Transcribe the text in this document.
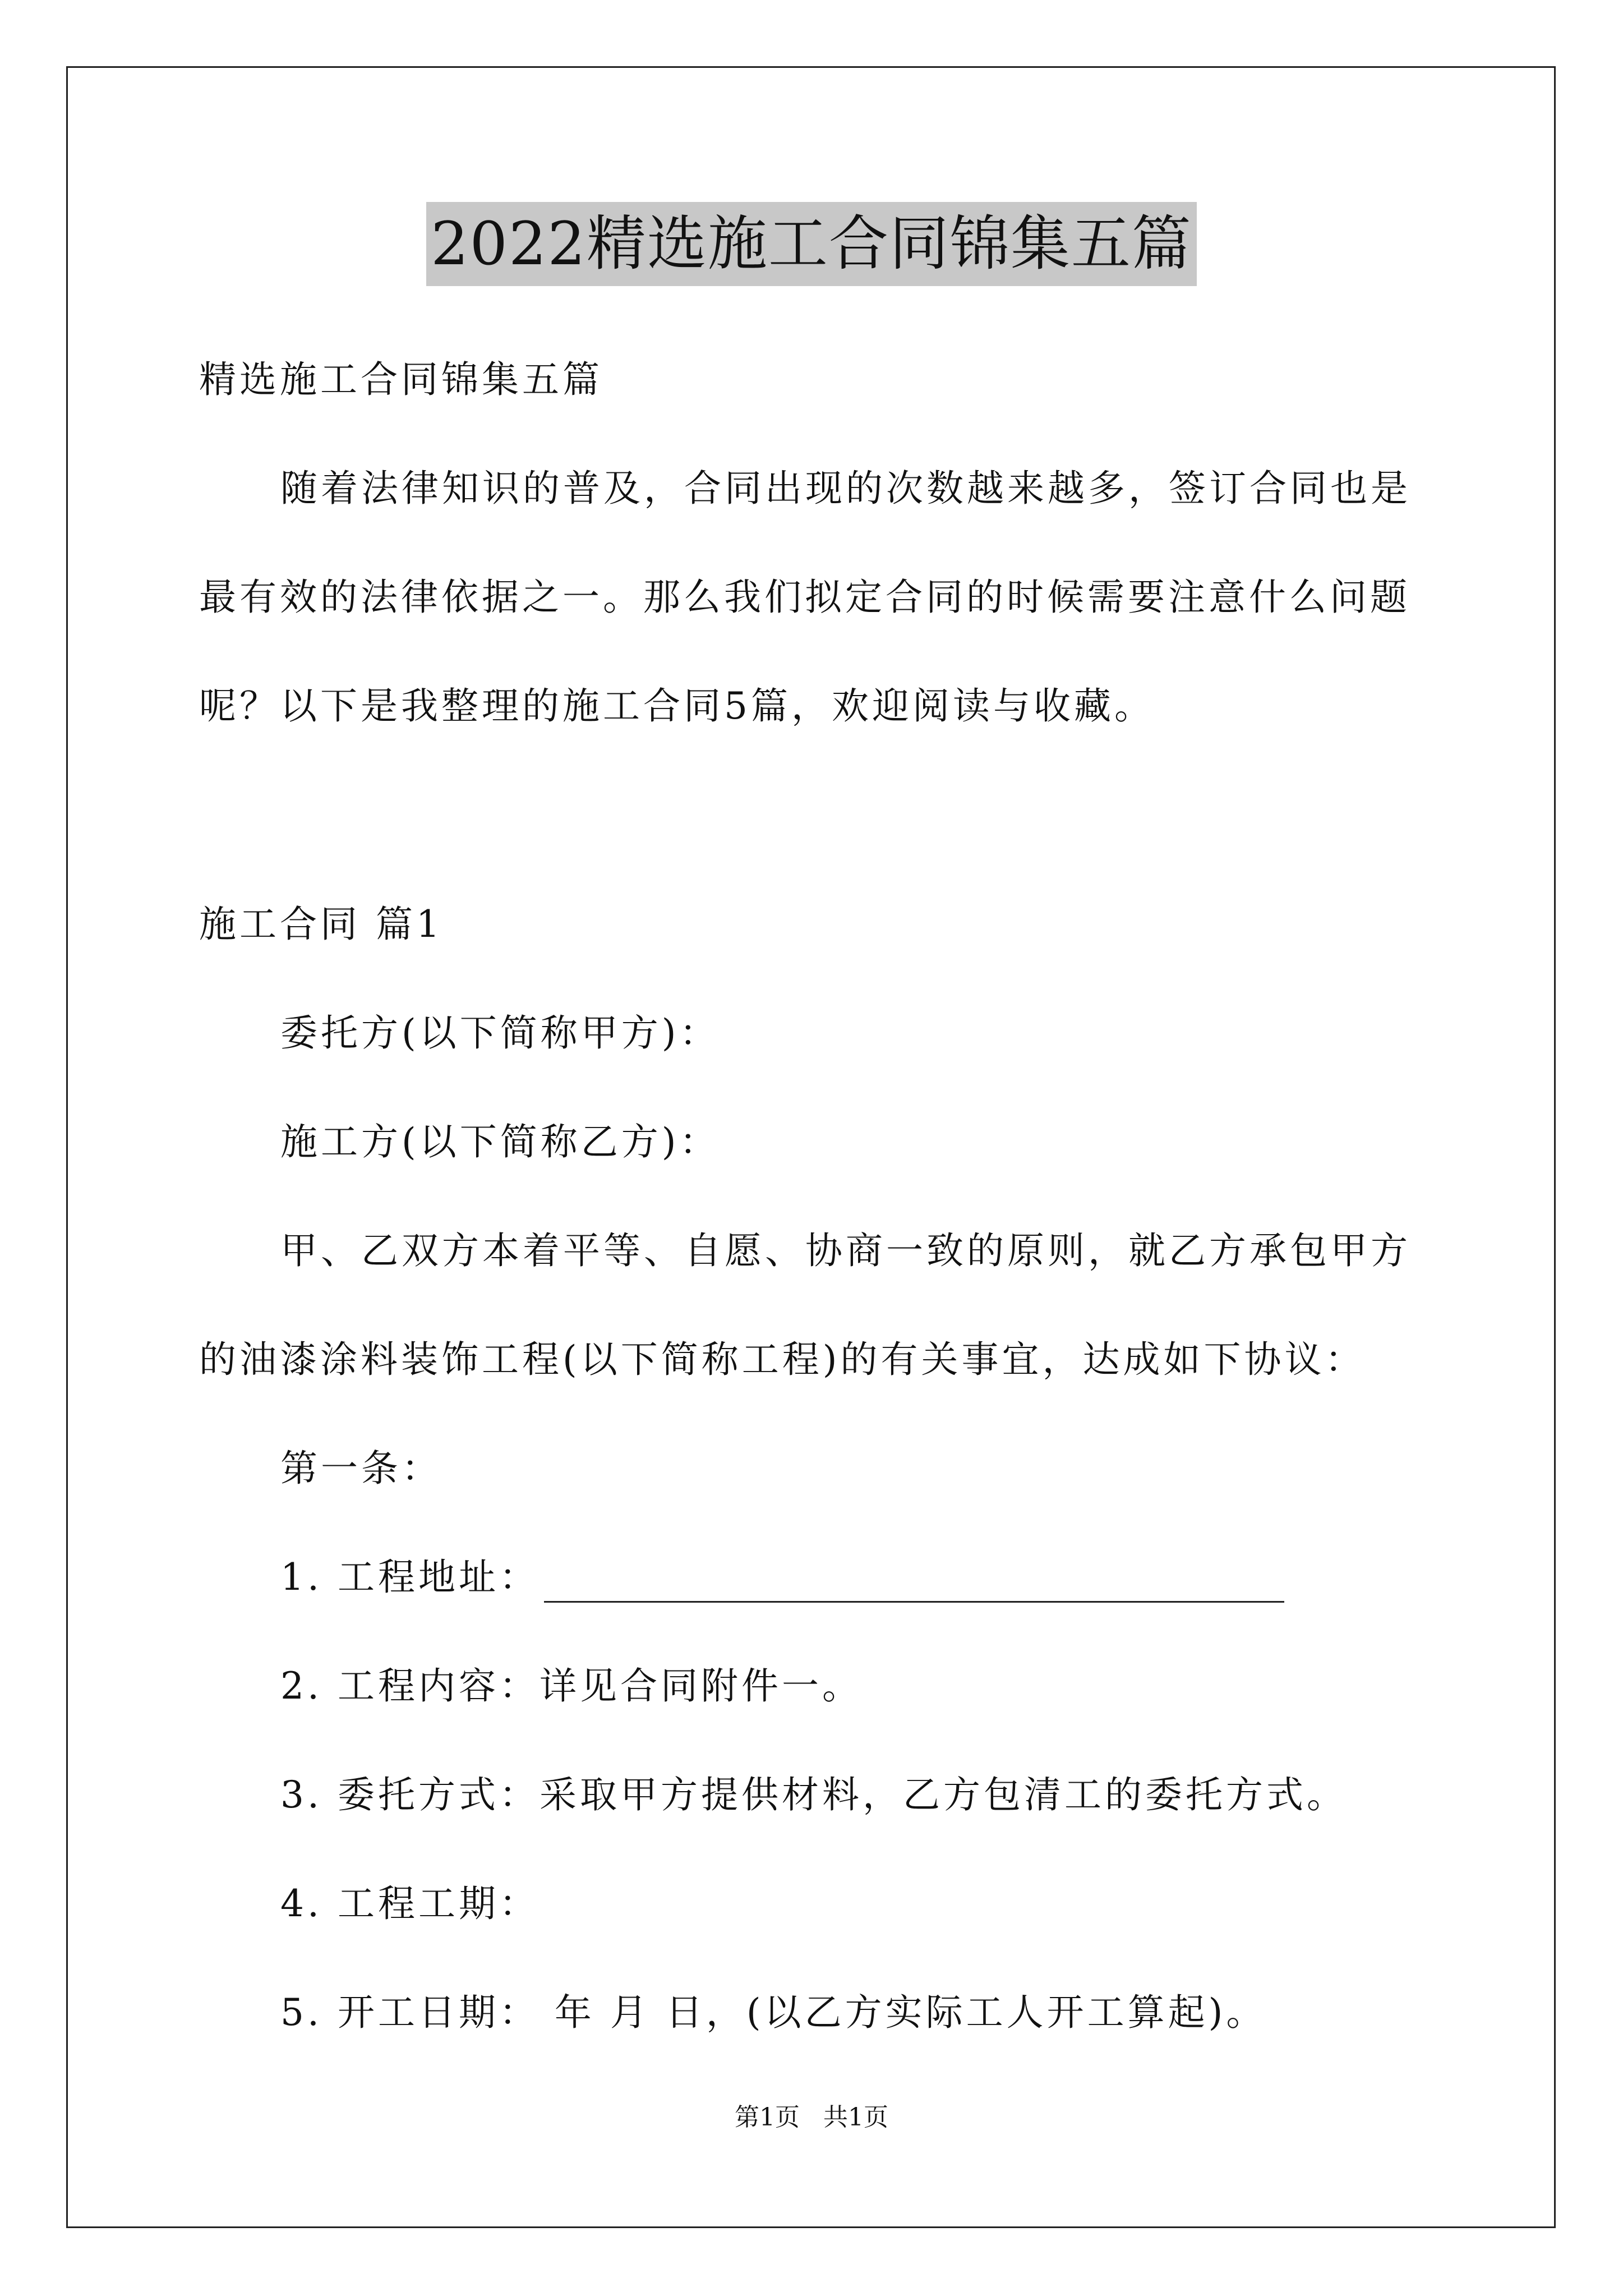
2022精选施工合同锦集五篇
精选施工合同锦集五篇
随着法律知识的普及，合同出现的次数越来越多，签订合同也是
最有效的法律依据之一。那么我们拟定合同的时候需要注意什么问题
呢？以下是我整理的施工合同5篇，欢迎阅读与收藏。
施工合同 篇1
委托方(以下简称甲方)：
施工方(以下简称乙方)：
甲、乙双方本着平等、自愿、协商一致的原则，就乙方承包甲方
的油漆涂料装饰工程(以下简称工程)的有关事宜，达成如下协议：
第一条：
1. 工程地址：
2. 工程内容：详见合同附件一。
3. 委托方式：采取甲方提供材料，乙方包清工的委托方式。
4. 工程工期：
5. 开工日期： 年 月 日，(以乙方实际工人开工算起)。
第1页 共1页
